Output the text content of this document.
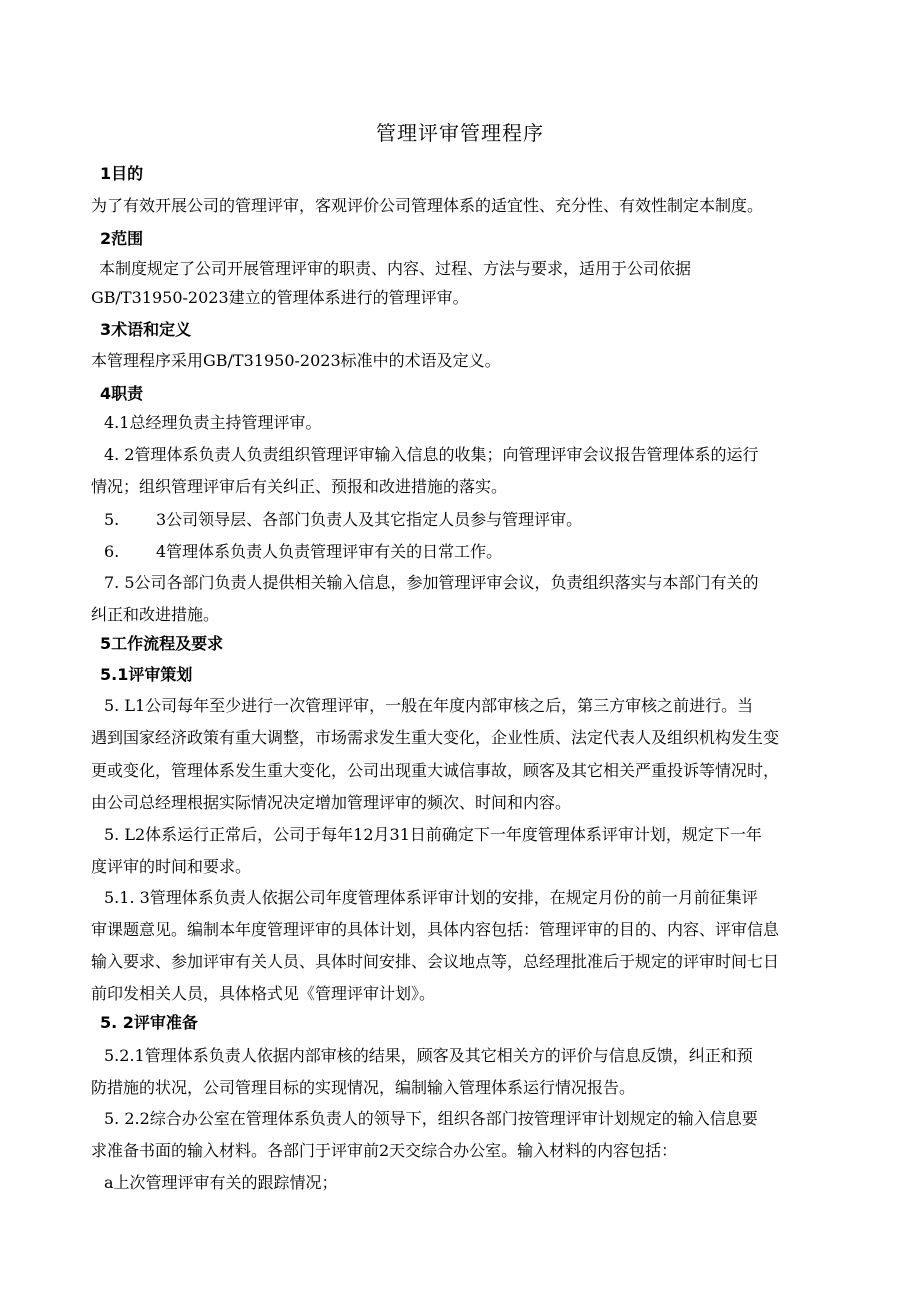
管理评审管理程序
1目的
为了有效开展公司的管理评审，客观评价公司管理体系的适宜性、充分性、有效性制定本制度。
2范围
本制度规定了公司开展管理评审的职责、内容、过程、方法与要求，适用于公司依据
GB/T31950-2023建立的管理体系进行的管理评审。
3术语和定义
本管理程序采用GB/T31950-2023标准中的术语及定义。
4职责
4.1总经理负责主持管理评审。
4. 2管理体系负责人负责组织管理评审输入信息的收集；向管理评审会议报告管理体系的运行
情况；组织管理评审后有关纠正、预报和改进措施的落实。
5. 3公司领导层、各部门负责人及其它指定人员参与管理评审。
6. 4管理体系负责人负责管理评审有关的日常工作。
7. 5公司各部门负责人提供相关输入信息，参加管理评审会议，负责组织落实与本部门有关的
纠正和改进措施。
5工作流程及要求
5.1评审策划
5. L1公司每年至少进行一次管理评审，一般在年度内部审核之后，第三方审核之前进行。当
遇到国家经济政策有重大调整，市场需求发生重大变化，企业性质、法定代表人及组织机构发生变
更或变化，管理体系发生重大变化，公司出现重大诚信事故，顾客及其它相关严重投诉等情况时，
由公司总经理根据实际情况决定增加管理评审的频次、时间和内容。
5. L2体系运行正常后，公司于每年12月31日前确定下一年度管理体系评审计划，规定下一年
度评审的时间和要求。
5.1. 3管理体系负责人依据公司年度管理体系评审计划的安排，在规定月份的前一月前征集评
审课题意见。编制本年度管理评审的具体计划，具体内容包括：管理评审的目的、内容、评审信息
输入要求、参加评审有关人员、具体时间安排、会议地点等，总经理批准后于规定的评审时间七日
前印发相关人员，具体格式见《管理评审计划》。
5. 2评审准备
5.2.1管理体系负责人依据内部审核的结果，顾客及其它相关方的评价与信息反馈，纠正和预
防措施的状况，公司管理目标的实现情况，编制输入管理体系运行情况报告。
5. 2.2综合办公室在管理体系负责人的领导下，组织各部门按管理评审计划规定的输入信息要
求准备书面的输入材料。各部门于评审前2天交综合办公室。输入材料的内容包括：
a上次管理评审有关的跟踪情况；
